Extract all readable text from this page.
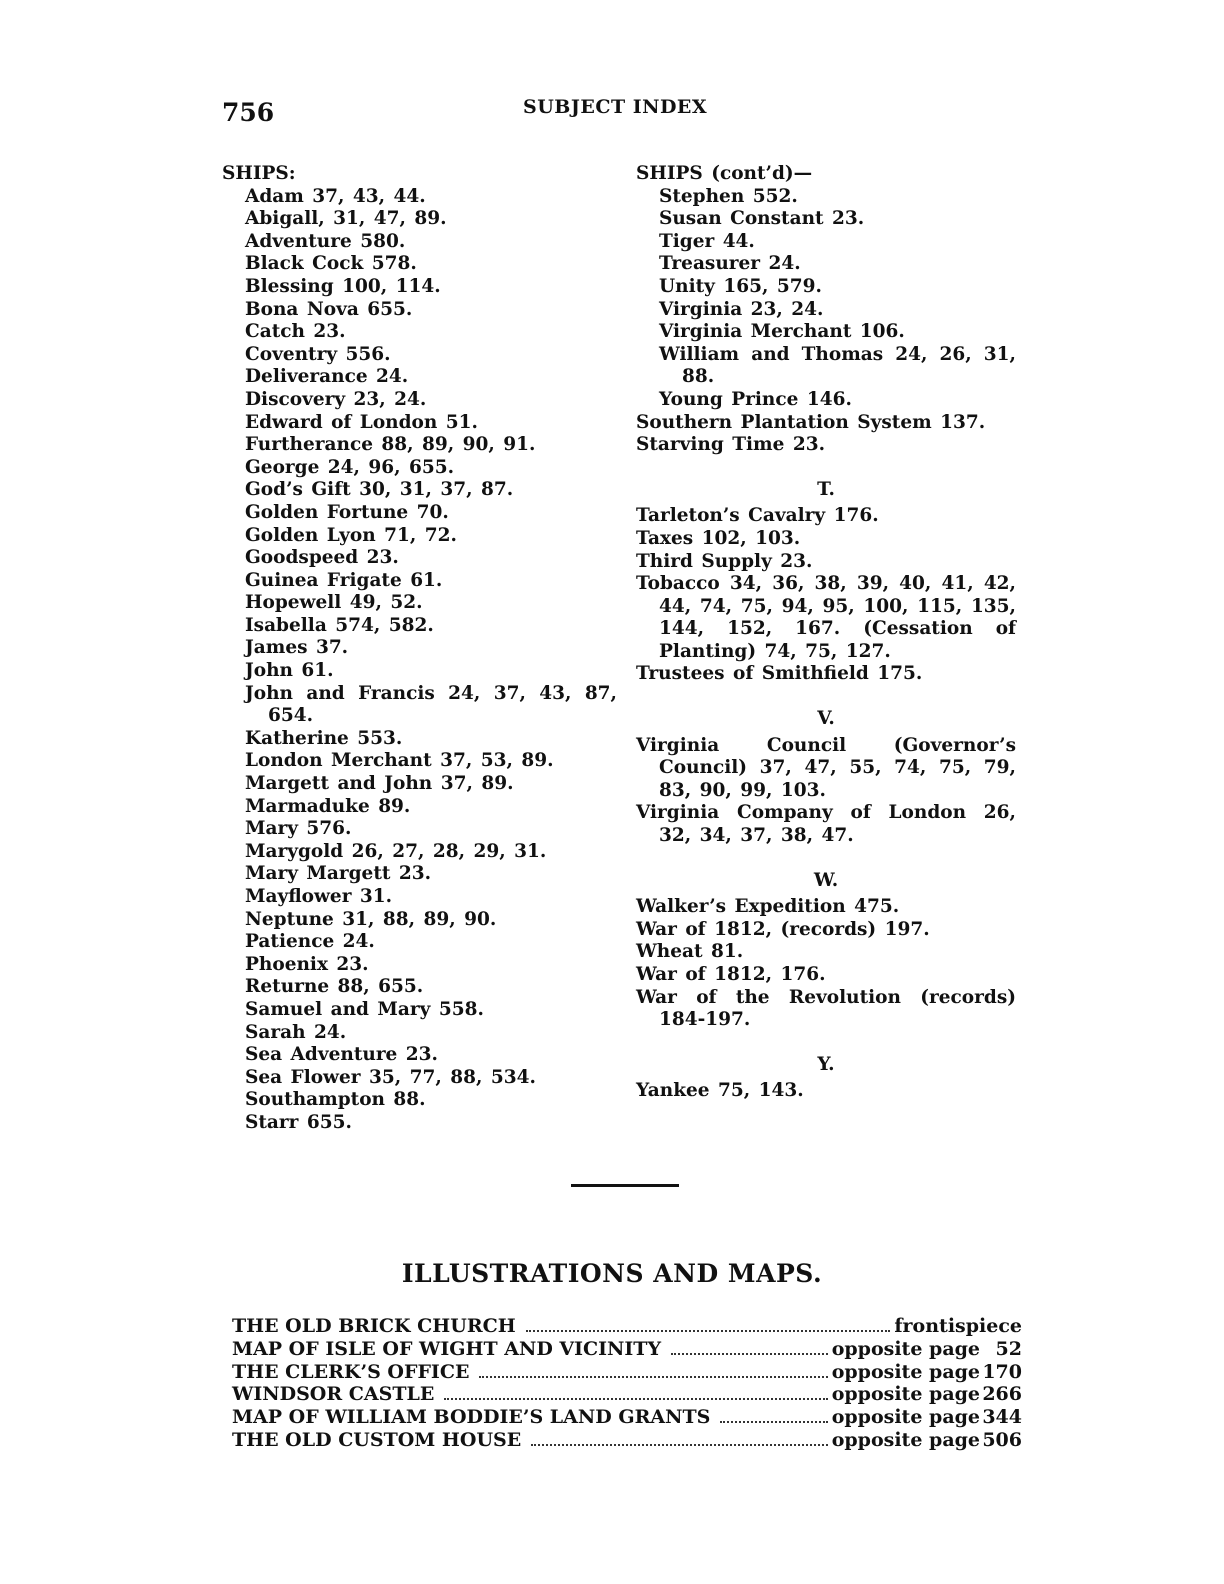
756	SUBJECT INDEX
SHIPS:
Adam 37, 43, 44.
Abigall, 31, 47, 89.
Adventure 580.
Black Cock 578.
Blessing 100, 114.
Bona Nova 655.
Catch 23.
Coventry 556.
Deliverance 24.
Discovery 23, 24.
Edward of London 51.
Furtherance 88, 89, 90, 91.
George 24, 96, 655.
God’s Gift 30, 31, 37, 87.
Golden Fortune 70.
Golden Lyon 71, 72.
Goodspeed 23.
Guinea Frigate 61.
Hopewell 49, 52.
Isabella 574, 582.
James 37.
John 61.
John and Francis 24, 37, 43, 87, 654.
Katherine 553.
London Merchant 37, 53, 89.
Margett and John 37, 89.
Marmaduke 89.
Mary 576.
Marygold 26, 27, 28, 29, 31.
Mary Margett 23.
Mayflower 31.
Neptune 31, 88, 89, 90.
Patience 24.
Phoenix 23.
Returne 88, 655.
Samuel and Mary 558.
Sarah 24.
Sea Adventure 23.
Sea Flower 35, 77, 88, 534.
Southampton 88.
Starr 655.
SHIPS (cont’d)—
Stephen 552.
Susan Constant 23.
Tiger 44.
Treasurer 24.
Unity 165, 579.
Virginia 23, 24.
Virginia Merchant 106.
William and Thomas 24, 26, 31, 88.
Young Prince 146.
Southern Plantation System 137.
Starving Time 23.
T.
Tarleton’s Cavalry 176.
Taxes 102, 103.
Third Supply 23.
Tobacco 34, 36, 38, 39, 40, 41, 42, 44, 74, 75, 94, 95, 100, 115, 135, 144, 152, 167. (Cessation of Planting) 74, 75, 127.
Trustees of Smithfield 175.
V.
Virginia Council (Governor’s Council) 37, 47, 55, 74, 75, 79, 83, 90, 99, 103.
Virginia Company of London 26, 32, 34, 37, 38, 47.
W.
Walker’s Expedition 475.
War of 1812, (records) 197.
Wheat 81.
War of 1812, 176.
War of the Revolution (records) 184-197.
Y.
Yankee 75, 143.
ILLUSTRATIONS AND MAPS.
THE OLD BRICK CHURCH	frontispiece
MAP OF ISLE OF WIGHT AND VICINITY	opposite page 52
THE CLERK’S OFFICE	opposite page 170
WINDSOR CASTLE	opposite page 266
MAP OF WILLIAM BODDIE’S LAND GRANTS	opposite page 344
THE OLD CUSTOM HOUSE	opposite page 506
